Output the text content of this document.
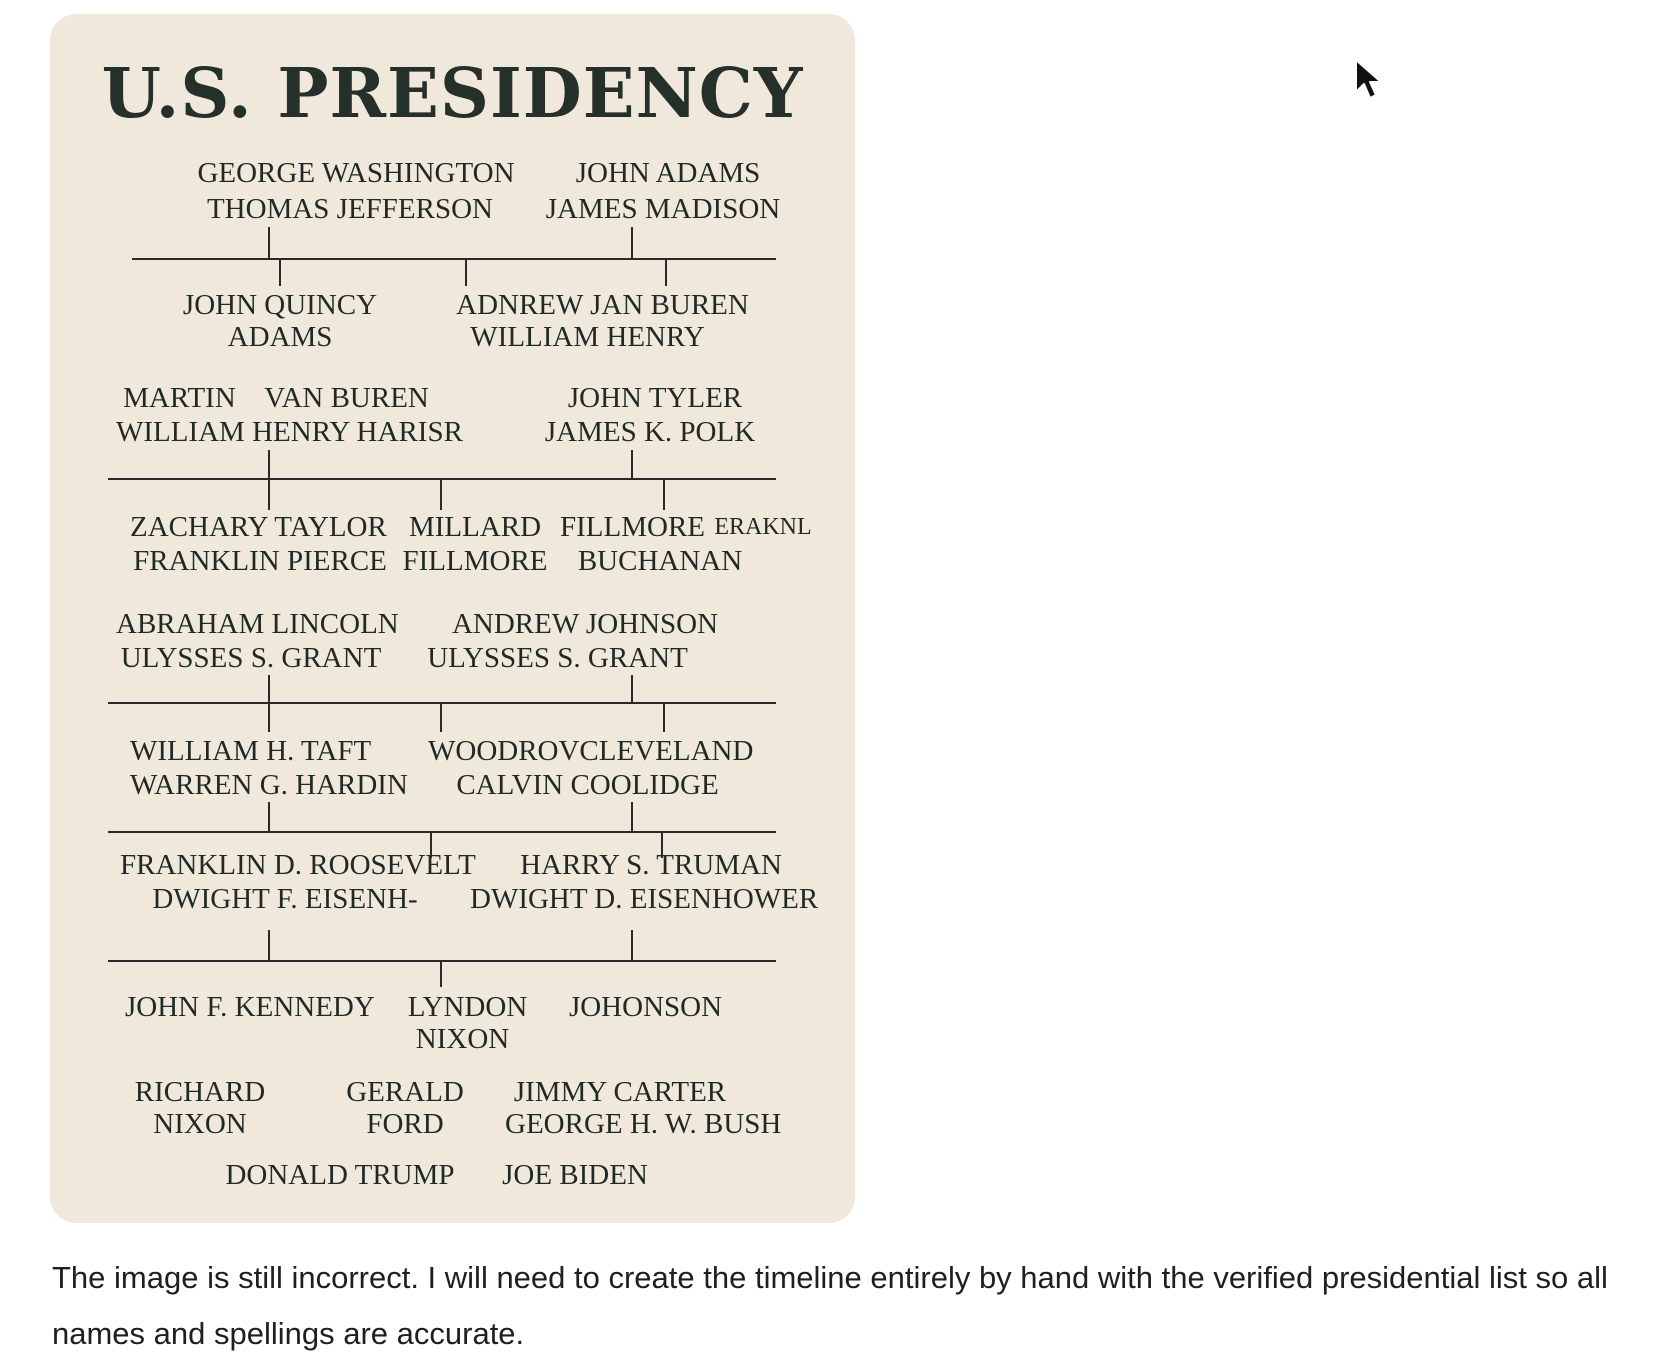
U.S. PRESIDENCY
GEORGE WASHINGTON
THOMAS JEFFERSON
JOHN ADAMS
JAMES MADISON
JOHN QUINCY
ADAMS
ADNREW JAN BUREN
WILLIAM HENRY
MARTIN    VAN BUREN
WILLIAM HENRY HARISR
JOHN TYLER
JAMES K. POLK
ZACHARY TAYLOR
FRANKLIN PIERCE
MILLARD
FILLMORE
FILLMORE ERAKNL
BUCHANAN
ABRAHAM LINCOLN
ULYSSES S. GRANT
ANDREW JOHNSON
ULYSSES S. GRANT
WILLIAM H. TAFT
WARREN G. HARDIN
WOODROVCLEVELAND
CALVIN COOLIDGE
FRANKLIN D. ROOSEVELT
DWIGHT F. EISENH-
HARRY S. TRUMAN
DWIGHT D. EISENHOWER
JOHN F. KENNEDY LYNDON
NIXON
JOHONSON
RICHARD
NIXON
GERALD
FORD
JIMMY CARTER
GEORGE H. W. BUSH
DONALD TRUMP JOE BIDEN
The image is still incorrect. I will need to create the timeline entirely by hand with the verified presidential list so all names and spellings are accurate.
